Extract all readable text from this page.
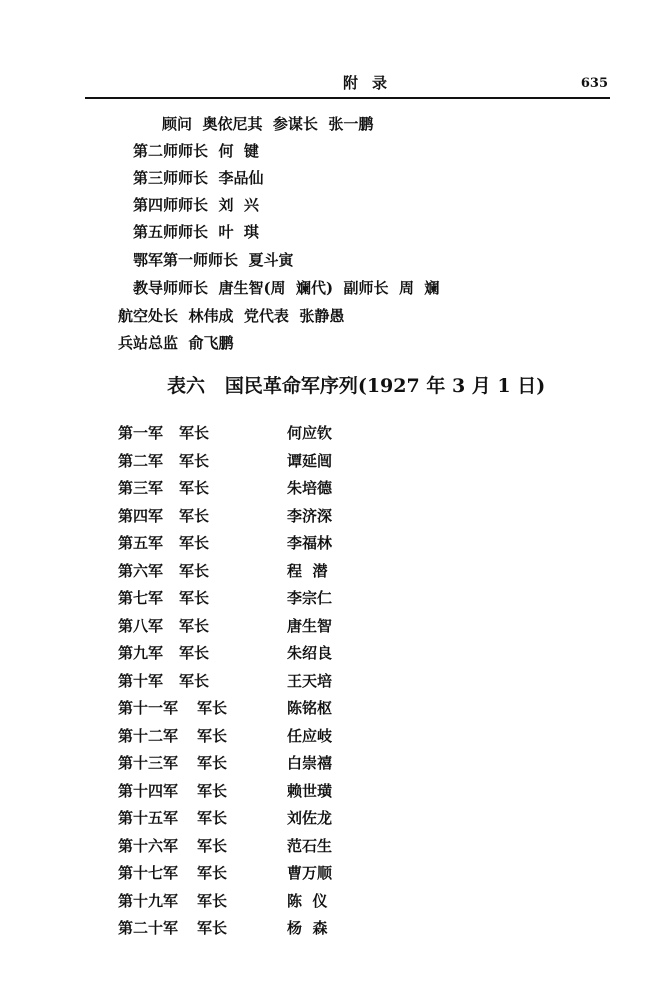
附录	635
顾问  奥依尼其  参谋长  张一鹏
第二师师长  何  键
第三师师长  李品仙
第四师师长  刘  兴
第五师师长  叶  琪
鄂军第一师师长  夏斗寅
教导师师长  唐生智(周  斓代)  副师长  周  斓
航空处长  林伟成  党代表  张静愚
兵站总监  俞飞鹏
表六   国民革命军序列(1927 年 3 月 1 日)
第一军 军长	何应钦
第二军 军长	谭延闿
第三军 军长	朱培德
第四军 军长	李济深
第五军 军长	李福林
第六军 军长	程  潜
第七军 军长	李宗仁
第八军 军长	唐生智
第九军 军长	朱绍良
第十军 军长	王天培
第十一军 军长	陈铭枢
第十二军 军长	任应岐
第十三军 军长	白崇禧
第十四军 军长	赖世璜
第十五军 军长	刘佐龙
第十六军 军长	范石生
第十七军 军长	曹万顺
第十九军 军长	陈  仪
第二十军 军长	杨  森
